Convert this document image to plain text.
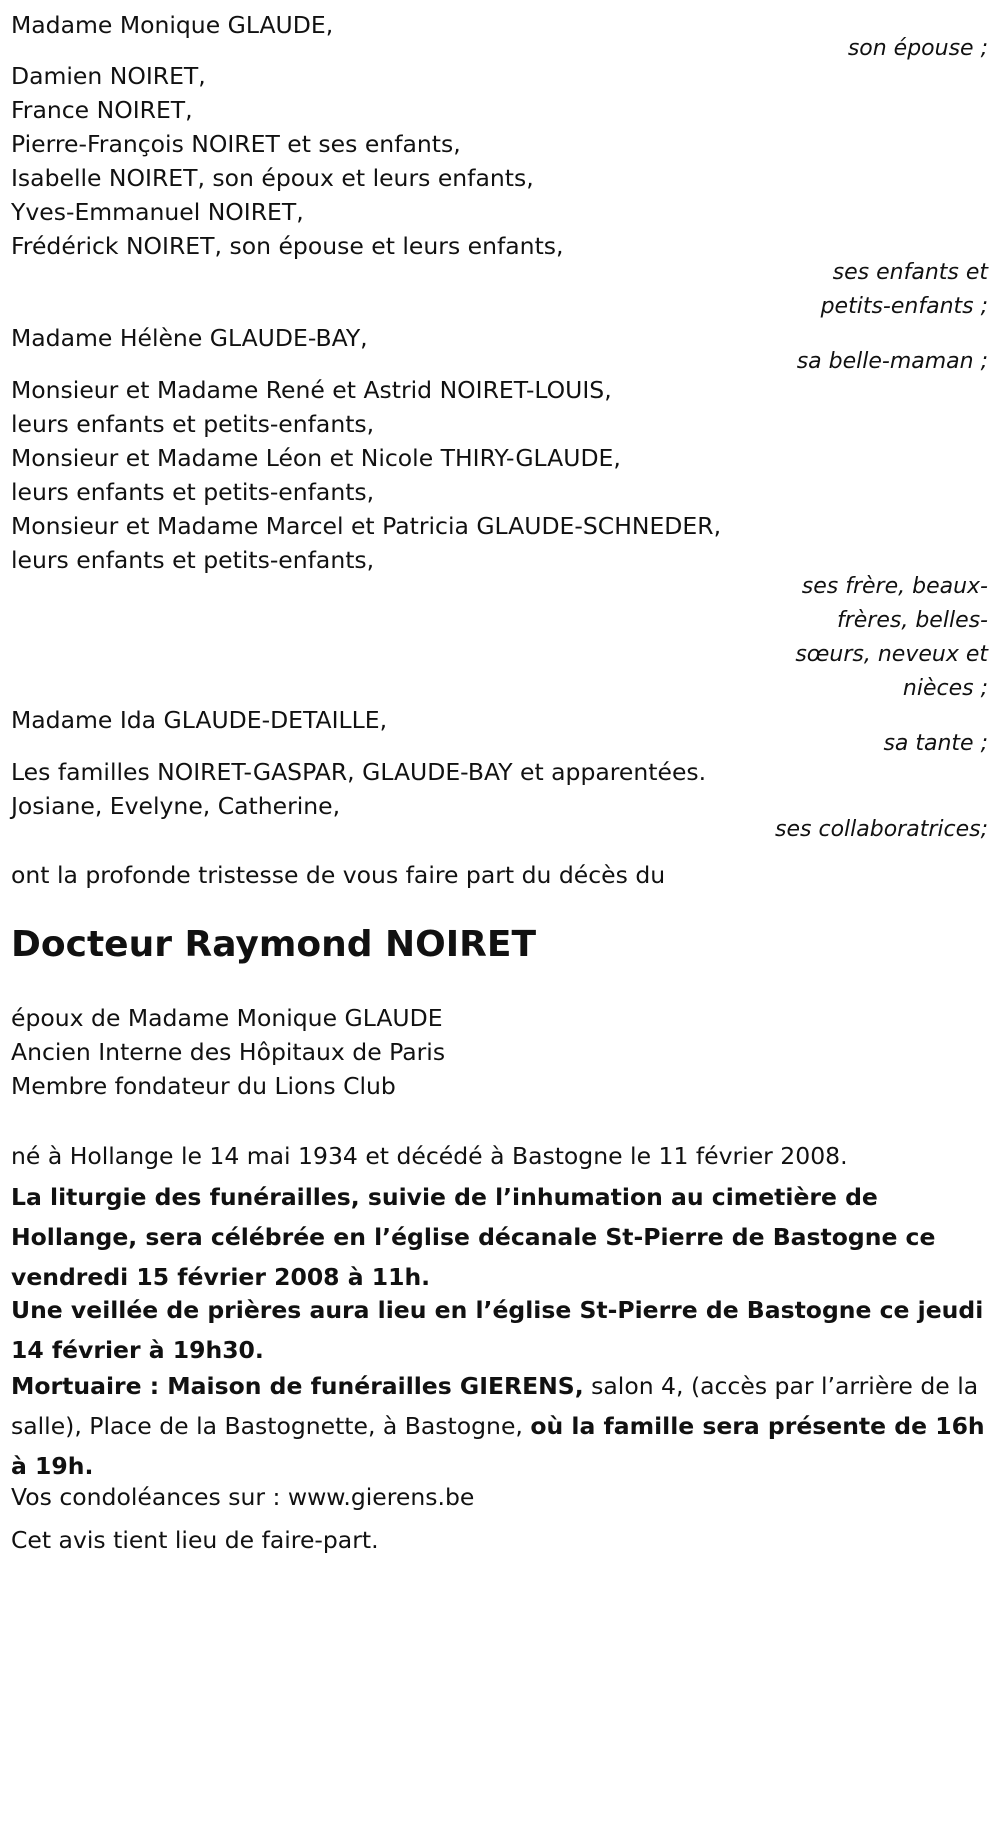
Madame Monique GLAUDE,

son épouse ;

Damien NOIRET,

France NOIRET,

Pierre-François NOIRET et ses enfants,

Isabelle NOIRET, son époux et leurs enfants,

Yves-Emmanuel NOIRET,

Frédérick NOIRET, son épouse et leurs enfants,

ses enfants et

petits-enfants ;

Madame Hélène GLAUDE-BAY,

sa belle-maman ;

Monsieur et Madame René et Astrid NOIRET-LOUIS,

leurs enfants et petits-enfants,

Monsieur et Madame Léon et Nicole THIRY-GLAUDE,

leurs enfants et petits-enfants,

Monsieur et Madame Marcel et Patricia GLAUDE-SCHNEDER,

leurs enfants et petits-enfants,

ses frère, beaux-

frères, belles-

sœurs, neveux et

nièces ;

Madame Ida GLAUDE-DETAILLE,

sa tante ;

Les familles NOIRET-GASPAR, GLAUDE-BAY et apparentées.

Josiane, Evelyne, Catherine,

ses collaboratrices;

ont la profonde tristesse de vous faire part du décès du

Docteur Raymond NOIRET

époux de Madame Monique GLAUDE

Ancien Interne des Hôpitaux de Paris

Membre fondateur du Lions Club

né à Hollange le 14 mai 1934 et décédé à Bastogne le 11 février 2008.

La liturgie des funérailles, suivie de l’inhumation au cimetière de Hollange, sera célébrée en l’église décanale St-Pierre de Bastogne ce vendredi 15 février 2008 à 11h.

Une veillée de prières aura lieu en l’église St-Pierre de Bastogne ce jeudi 14 février à 19h30.

Mortuaire : Maison de funérailles GIERENS, salon 4, (accès par l’arrière de la salle), Place de la Bastognette, à Bastogne, où la famille sera présente de 16h à 19h.

Vos condoléances sur : www.gierens.be

Cet avis tient lieu de faire-part.
